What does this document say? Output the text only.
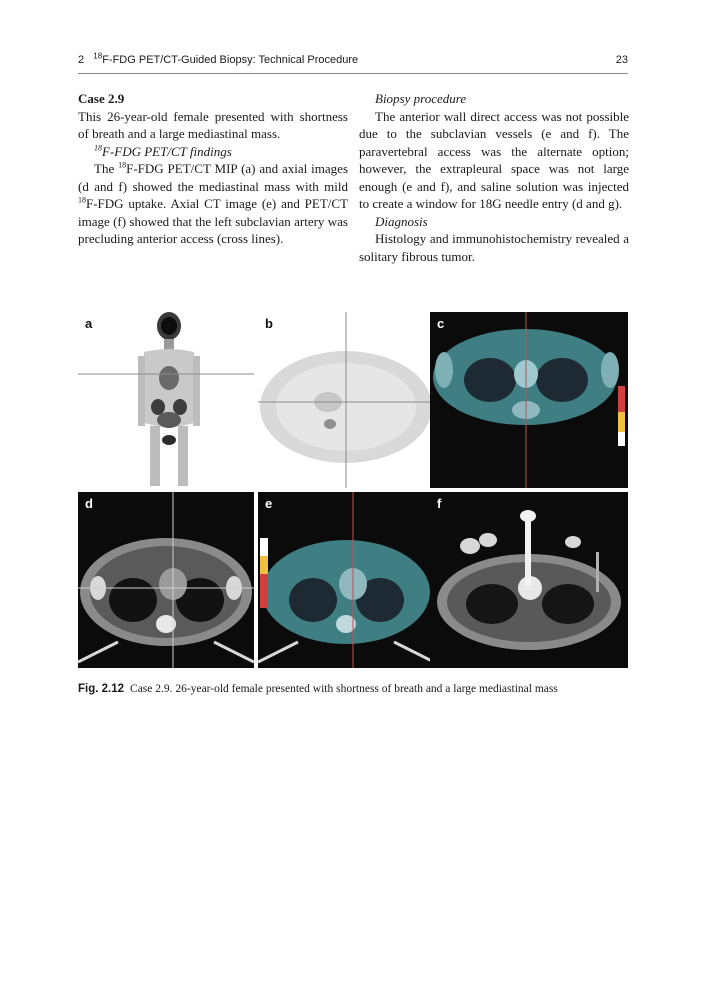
2 $^{18}$F-FDG PET/CT-Guided Biopsy: Technical Procedure	23

Case 2.9

This 26-year-old female presented with shortness of breath and a large mediastinal mass.

$^{18}$F-FDG PET/CT findings

The $^{18}$F-FDG PET/CT MIP (a) and axial images (d and f) showed the mediastinal mass with mild $^{18}$F-FDG uptake. Axial CT image (e) and PET/CT image (f) showed that the left subclavian artery was precluding anterior access (cross lines).

Biopsy procedure

The anterior wall direct access was not possible due to the subclavian vessels (e and f). The paravertebral access was the alternate option; however, the extrapleural space was not large enough (e and f), and saline solution was injected to create a window for 18G needle entry (d and g).

Diagnosis

Histology and immunohistochemistry revealed a solitary fibrous tumor.

a	b	c
d	e	f
Fig. 2.12 Case 2.9. 26-year-old female presented with shortness of breath and a large mediastinal mass
